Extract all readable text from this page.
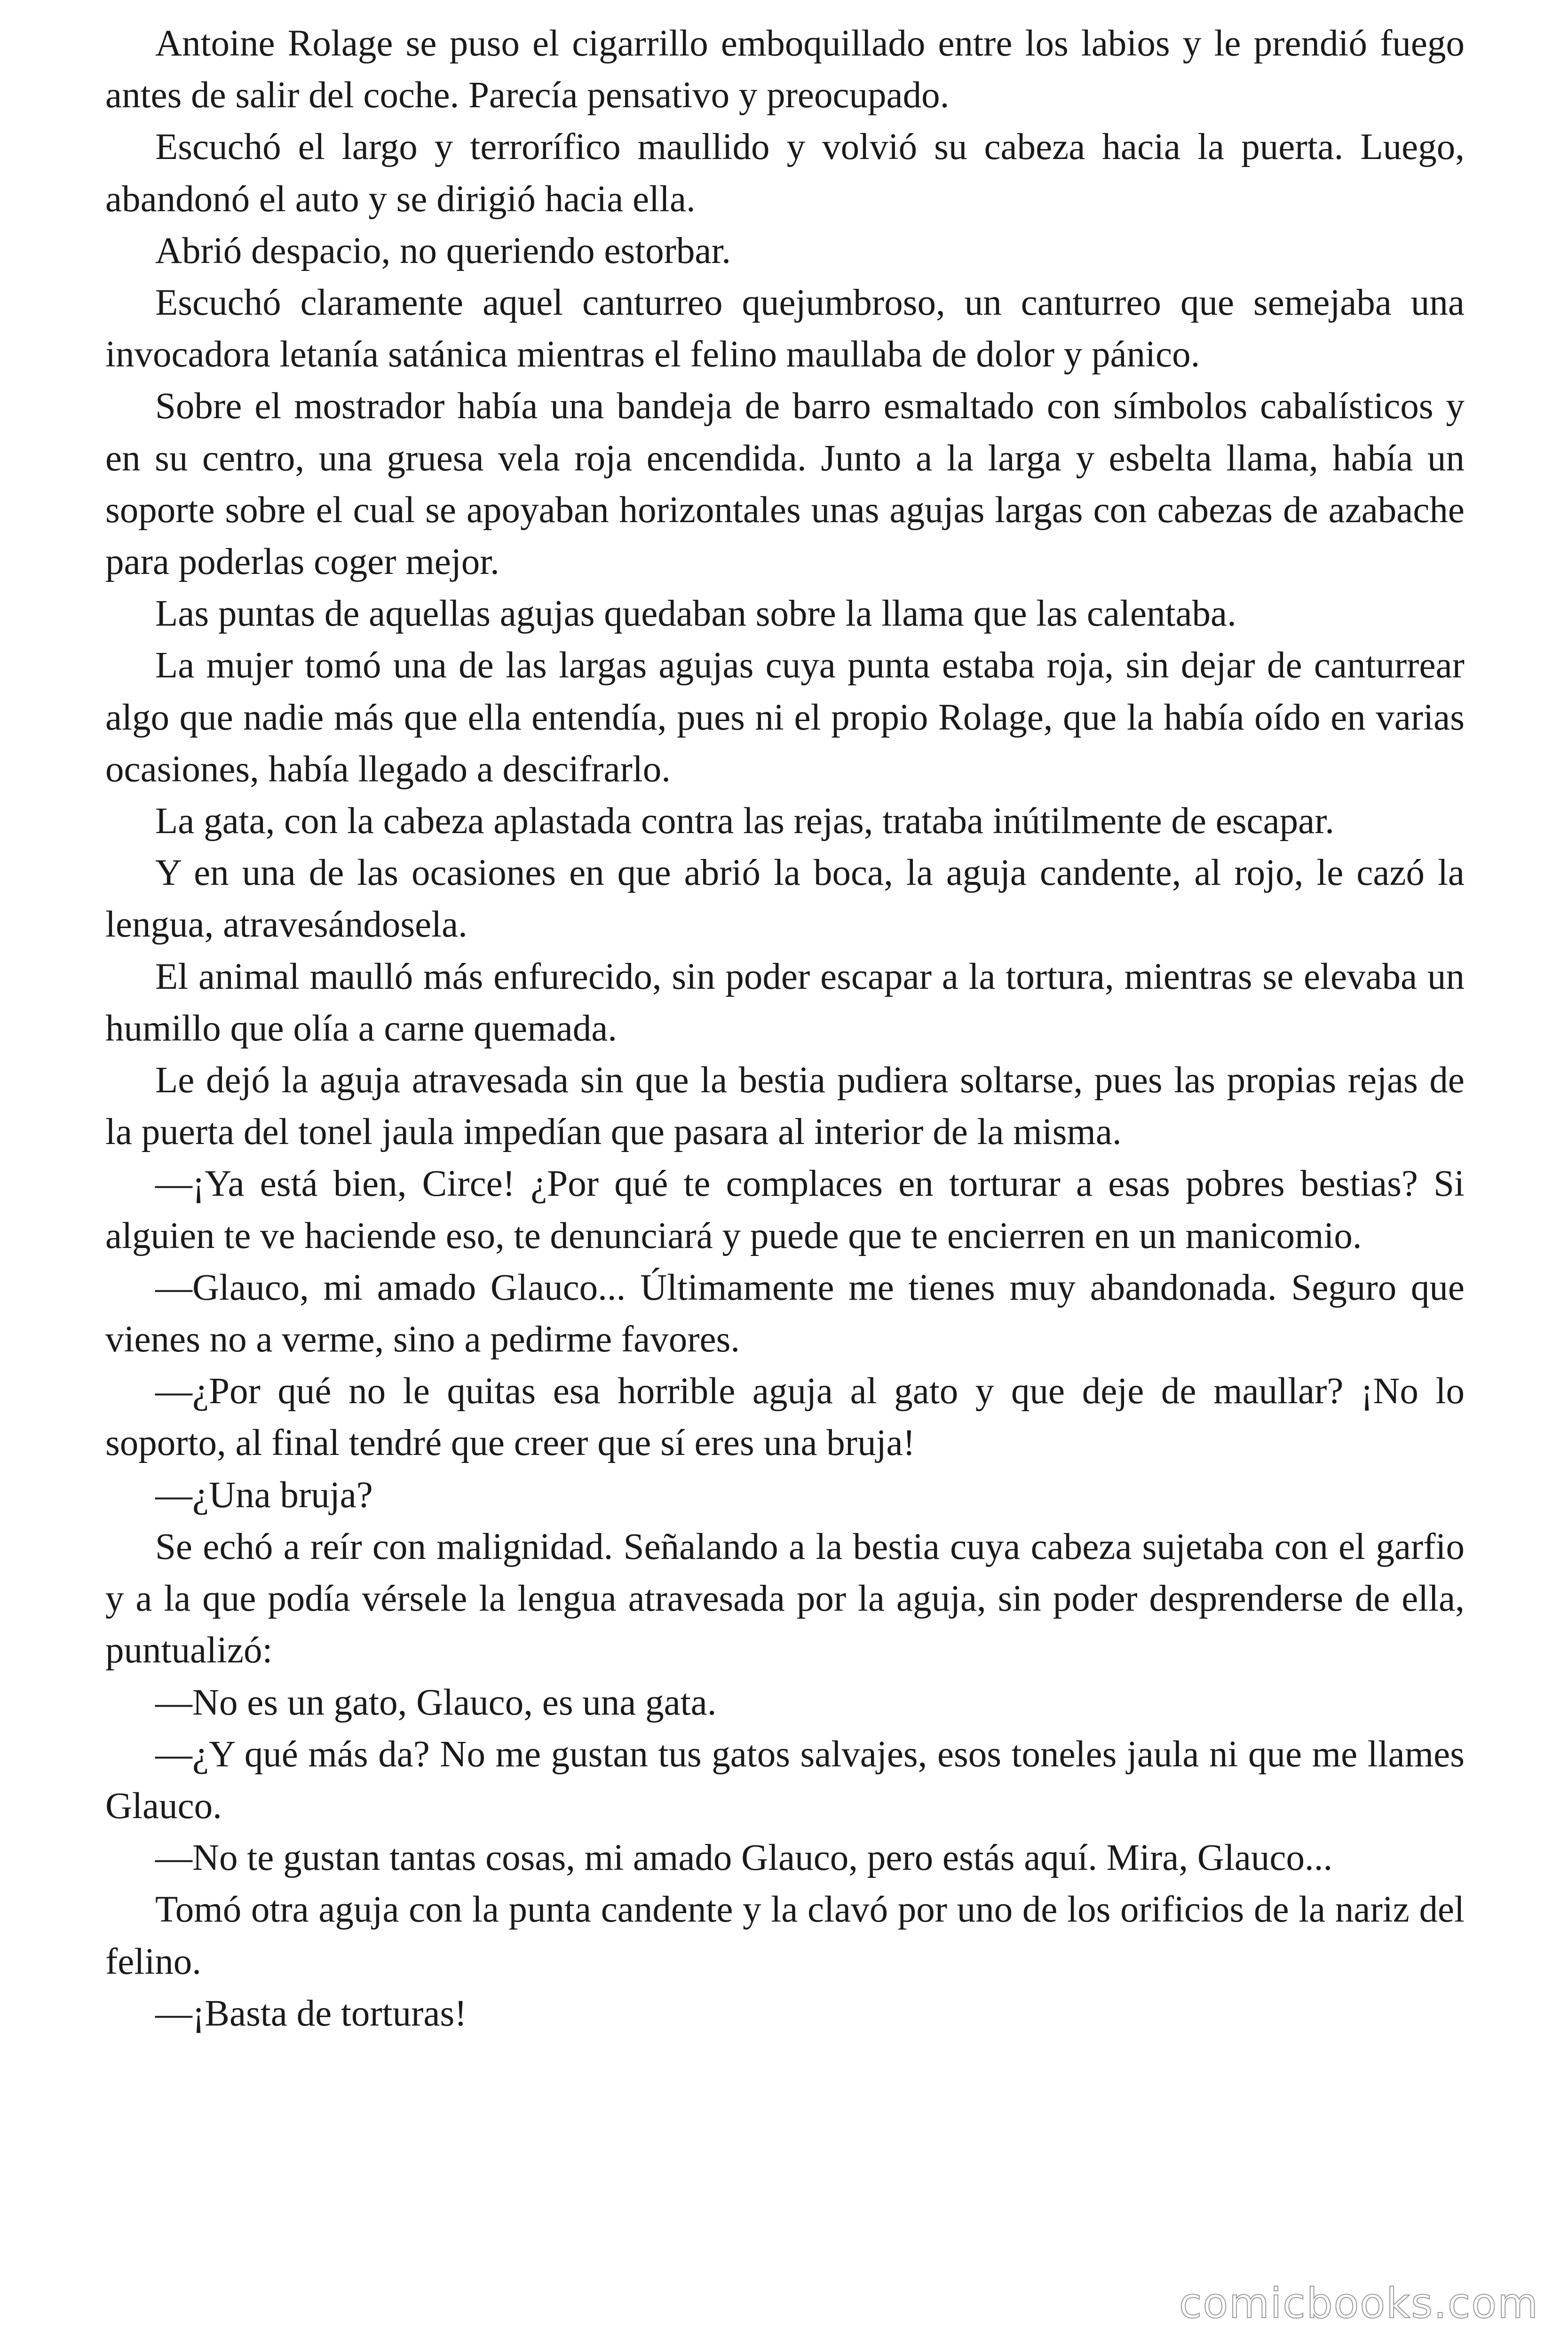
Antoine Rolage se puso el cigarrillo emboquillado entre los labios y le prendió fuego antes de salir del coche. Parecía pensativo y preocupado.

Escuchó el largo y terrorífico maullido y volvió su cabeza hacia la puerta. Luego, abandonó el auto y se dirigió hacia ella.

Abrió despacio, no queriendo estorbar.

Escuchó claramente aquel canturreo quejumbroso, un canturreo que semejaba una invocadora letanía satánica mientras el felino maullaba de dolor y pánico.

Sobre el mostrador había una bandeja de barro esmaltado con símbolos cabalísticos y en su centro, una gruesa vela roja encendida. Junto a la larga y esbelta llama, había un soporte sobre el cual se apoyaban horizontales unas agujas largas con cabezas de azabache para poderlas coger mejor.

Las puntas de aquellas agujas quedaban sobre la llama que las calentaba.

La mujer tomó una de las largas agujas cuya punta estaba roja, sin dejar de canturrear algo que nadie más que ella entendía, pues ni el propio Rolage, que la había oído en varias ocasiones, había llegado a descifrarlo.

La gata, con la cabeza aplastada contra las rejas, trataba inútilmente de escapar.

Y en una de las ocasiones en que abrió la boca, la aguja candente, al rojo, le cazó la lengua, atravesándosela.

El animal maulló más enfurecido, sin poder escapar a la tortura, mientras se elevaba un humillo que olía a carne quemada.

Le dejó la aguja atravesada sin que la bestia pudiera soltarse, pues las propias rejas de la puerta del tonel jaula impedían que pasara al interior de la misma.

—¡Ya está bien, Circe! ¿Por qué te complaces en torturar a esas pobres bestias? Si alguien te ve haciende eso, te denunciará y puede que te encierren en un manicomio.

—Glauco, mi amado Glauco... Últimamente me tienes muy abandonada. Seguro que vienes no a verme, sino a pedirme favores.

—¿Por qué no le quitas esa horrible aguja al gato y que deje de maullar? ¡No lo soporto, al final tendré que creer que sí eres una bruja!

—¿Una bruja?

Se echó a reír con malignidad. Señalando a la bestia cuya cabeza sujetaba con el garfio y a la que podía vérsele la lengua atravesada por la aguja, sin poder desprenderse de ella, puntualizó:

—No es un gato, Glauco, es una gata.

—¿Y qué más da? No me gustan tus gatos salvajes, esos toneles jaula ni que me llames Glauco.

—No te gustan tantas cosas, mi amado Glauco, pero estás aquí. Mira, Glauco...

Tomó otra aguja con la punta candente y la clavó por uno de los orificios de la nariz del felino.

—¡Basta de torturas!

comicbooks.com
